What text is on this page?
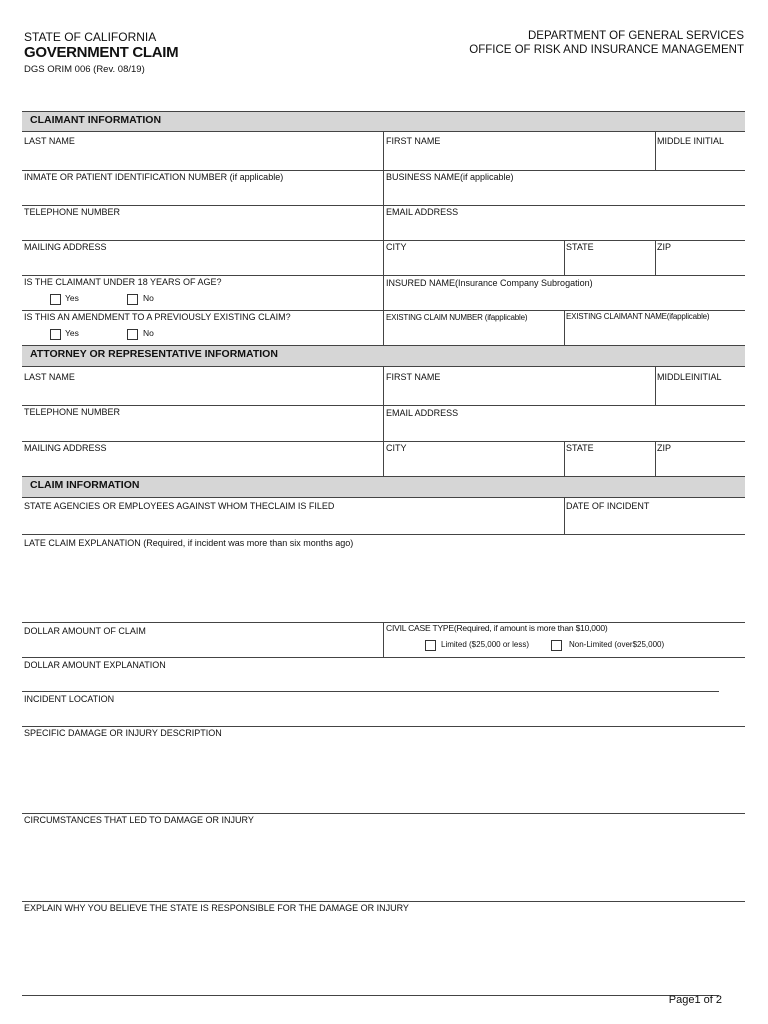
STATE OF CALIFORNIA
GOVERNMENT CLAIM
DGS ORIM 006 (Rev. 08/19)
DEPARTMENT OF GENERAL SERVICES
OFFICE OF RISK AND INSURANCE MANAGEMENT
CLAIMANT INFORMATION
LAST NAME	FIRST NAME	MIDDLE INITIAL
INMATE OR PATIENT IDENTIFICATION NUMBER (if applicable)	BUSINESS NAME(if applicable)
TELEPHONE NUMBER	EMAIL ADDRESS
MAILING ADDRESS	CITY	STATE	ZIP
IS THE CLAIMANT UNDER 18 YEARS OF AGE?
Yes	No
INSURED NAME(Insurance Company Subrogation)
IS THIS AN AMENDMENT TO A PREVIOUSLY EXISTING CLAIM?
Yes	No
EXISTING CLAIM NUMBER (ifapplicable)	EXISTING CLAIMANT NAME(ifapplicable)
ATTORNEY OR REPRESENTATIVE INFORMATION
LAST NAME	FIRST NAME	MIDDLEINITIAL
TELEPHONE NUMBER	EMAIL ADDRESS
MAILING ADDRESS	CITY	STATE	ZIP
CLAIM INFORMATION
STATE AGENCIES OR EMPLOYEES AGAINST WHOM THECLAIM IS FILED	DATE OF INCIDENT
LATE CLAIM EXPLANATION (Required, if incident was more than six months ago)
DOLLAR AMOUNT OF CLAIM	CIVIL CASE TYPE(Required, if amount is more than $10,000)
Limited ($25,000 or less)	Non-Limited (over$25,000)
DOLLAR AMOUNT EXPLANATION
INCIDENT LOCATION
SPECIFIC DAMAGE OR INJURY DESCRIPTION
CIRCUMSTANCES THAT LED TO DAMAGE OR INJURY
EXPLAIN WHY YOU BELIEVE THE STATE IS RESPONSIBLE FOR THE DAMAGE OR INJURY
Page1 of 2
